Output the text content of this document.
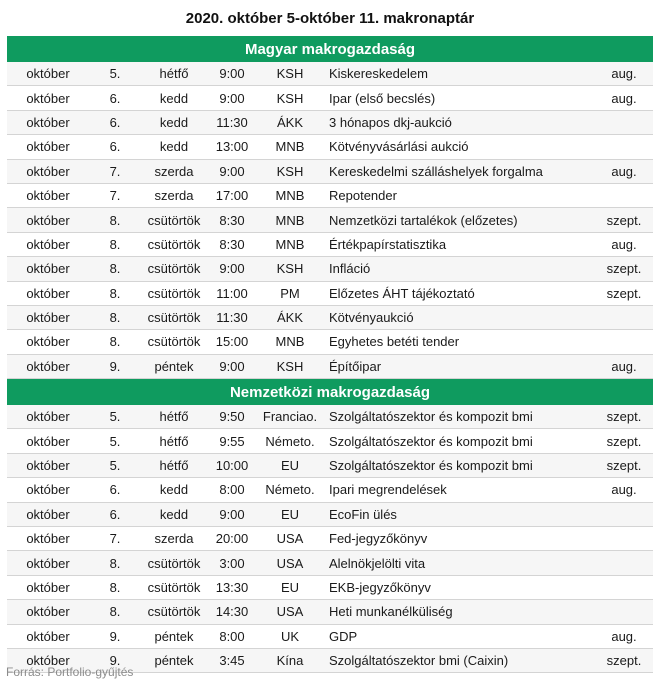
2020. október 5-október 11. makronaptár
Magyar makrogazdaság						
október	5.	hétfő	9:00	KSH	Kiskereskedelem	aug.
október	6.	kedd	9:00	KSH	Ipar (első becslés)	aug.
október	6.	kedd	11:30	ÁKK	3 hónapos dkj-aukció	
október	6.	kedd	13:00	MNB	Kötvényvásárlási aukció	
október	7.	szerda	9:00	KSH	Kereskedelmi szálláshelyek forgalma	aug.
október	7.	szerda	17:00	MNB	Repotender	
október	8.	csütörtök	8:30	MNB	Nemzetközi tartalékok (előzetes)	szept.
október	8.	csütörtök	8:30	MNB	Értékpapírstatisztika	aug.
október	8.	csütörtök	9:00	KSH	Infláció	szept.
október	8.	csütörtök	11:00	PM	Előzetes ÁHT tájékoztató	szept.
október	8.	csütörtök	11:30	ÁKK	Kötvényaukció	
október	8.	csütörtök	15:00	MNB	Egyhetes betéti tender	
október	9.	péntek	9:00	KSH	Építőipar	aug.
Nemzetközi makrogazdaság						
október	5.	hétfő	9:50	Franciao.	Szolgáltatószektor és kompozit bmi	szept.
október	5.	hétfő	9:55	Németo.	Szolgáltatószektor és kompozit bmi	szept.
október	5.	hétfő	10:00	EU	Szolgáltatószektor és kompozit bmi	szept.
október	6.	kedd	8:00	Németo.	Ipari megrendelések	aug.
október	6.	kedd	9:00	EU	EcoFin ülés	
október	7.	szerda	20:00	USA	Fed-jegyzőkönyv	
október	8.	csütörtök	3:00	USA	Alelnökjelölti vita	
október	8.	csütörtök	13:30	EU	EKB-jegyzőkönyv	
október	8.	csütörtök	14:30	USA	Heti munkanélküliség	
október	9.	péntek	8:00	UK	GDP	aug.
október	9.	péntek	3:45	Kína	Szolgáltatószektor bmi (Caixin)	szept.
Forrás: Portfolio-gyűjtés
